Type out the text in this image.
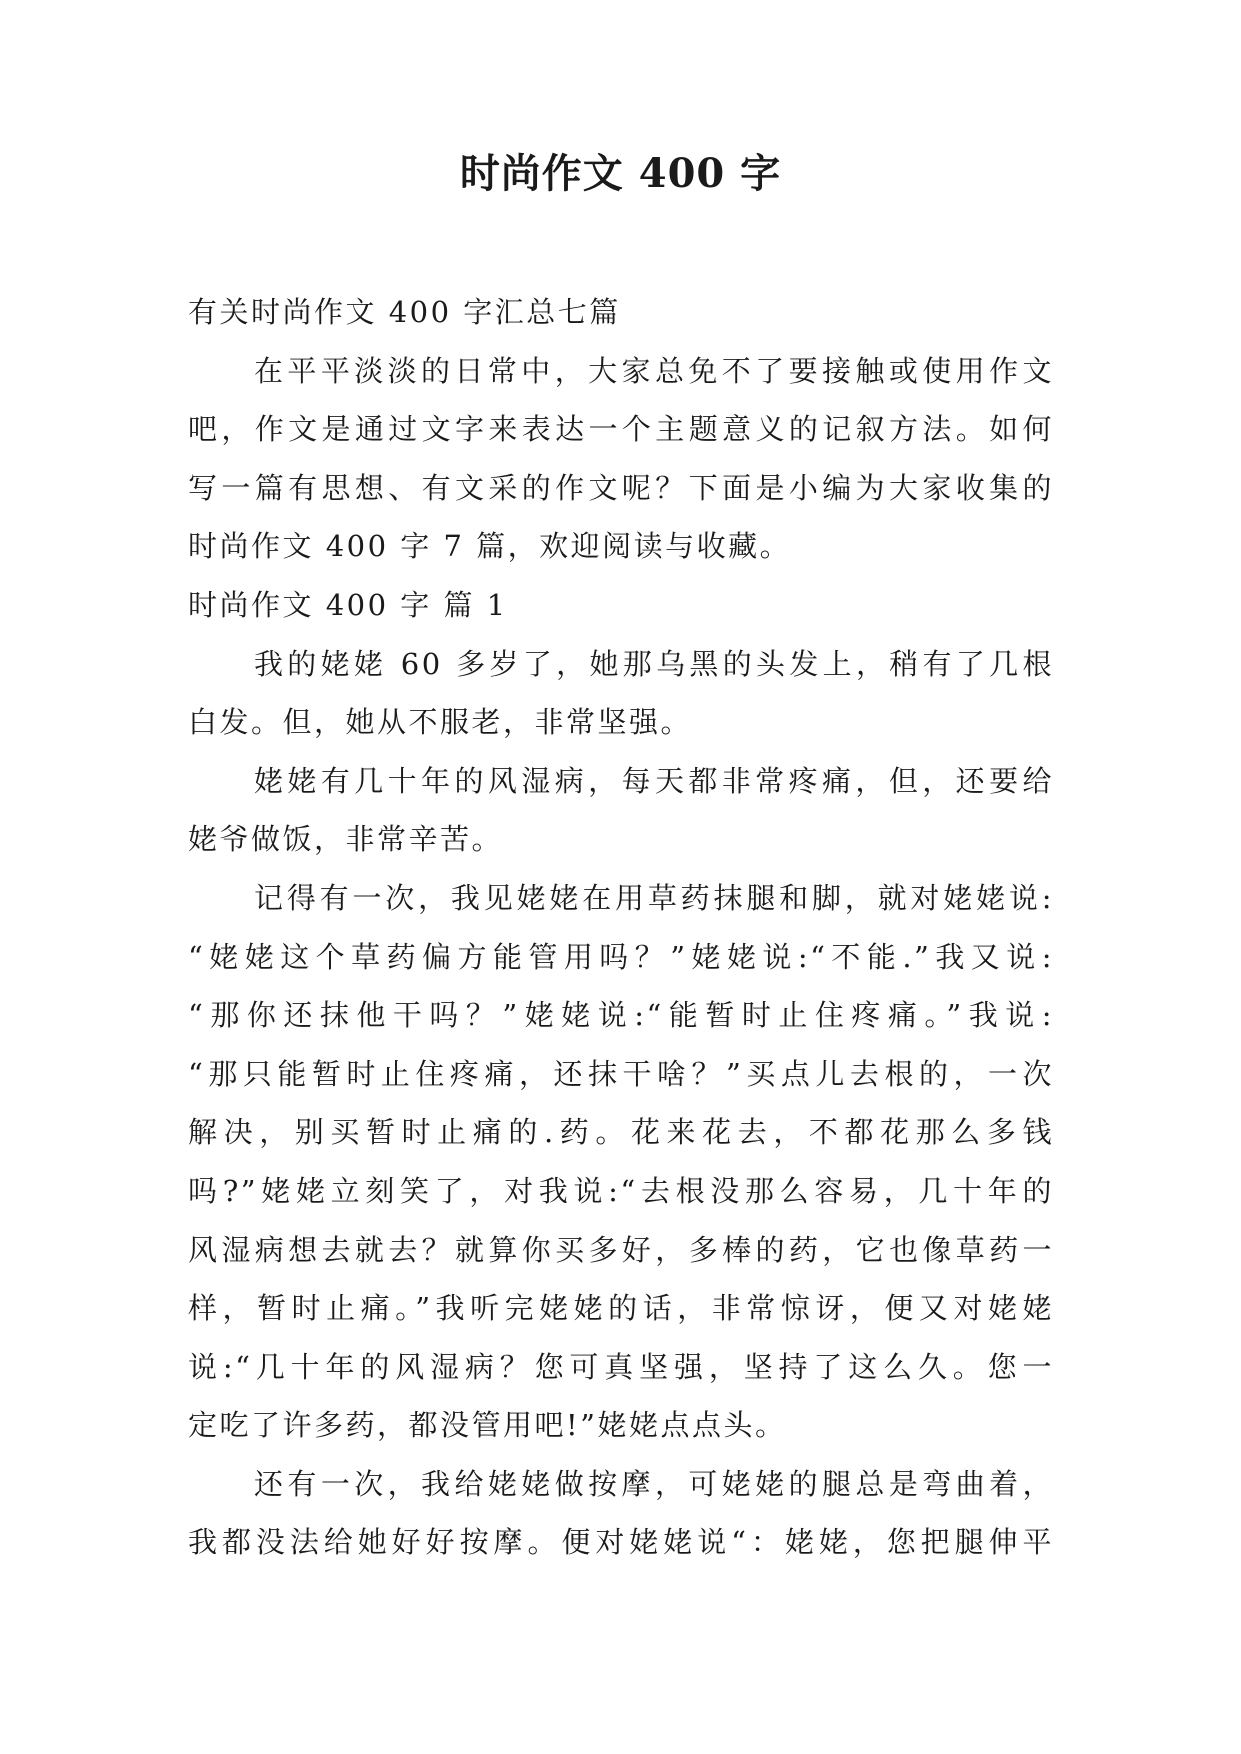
时尚作文 400 字
有关时尚作文 400 字汇总七篇
在平平淡淡的日常中，大家总免不了要接触或使用作文
吧，作文是通过文字来表达一个主题意义的记叙方法。如何
写一篇有思想、有文采的作文呢？下面是小编为大家收集的
时尚作文 400 字 7 篇，欢迎阅读与收藏。
时尚作文 400 字 篇 1
我的姥姥 60 多岁了，她那乌黑的头发上，稍有了几根
白发。但，她从不服老，非常坚强。
姥姥有几十年的风湿病，每天都非常疼痛，但，还要给
姥爷做饭，非常辛苦。
记得有一次，我见姥姥在用草药抹腿和脚，就对姥姥说:
“姥姥这个草药偏方能管用吗？”姥姥说:“不能.”我又说:
“那你还抹他干吗？”姥姥说:“能暂时止住疼痛。”我说:
“那只能暂时止住疼痛，还抹干啥？”买点儿去根的，一次
解决，别买暂时止痛的.药。花来花去，不都花那么多钱
吗?”姥姥立刻笑了，对我说:“去根没那么容易，几十年的
风湿病想去就去？就算你买多好，多棒的药，它也像草药一
样，暂时止痛。”我听完姥姥的话，非常惊讶，便又对姥姥
说:“几十年的风湿病？您可真坚强，坚持了这么久。您一
定吃了许多药，都没管用吧!”姥姥点点头。
还有一次，我给姥姥做按摩，可姥姥的腿总是弯曲着，
我都没法给她好好按摩。便对姥姥说“：姥姥，您把腿伸平
